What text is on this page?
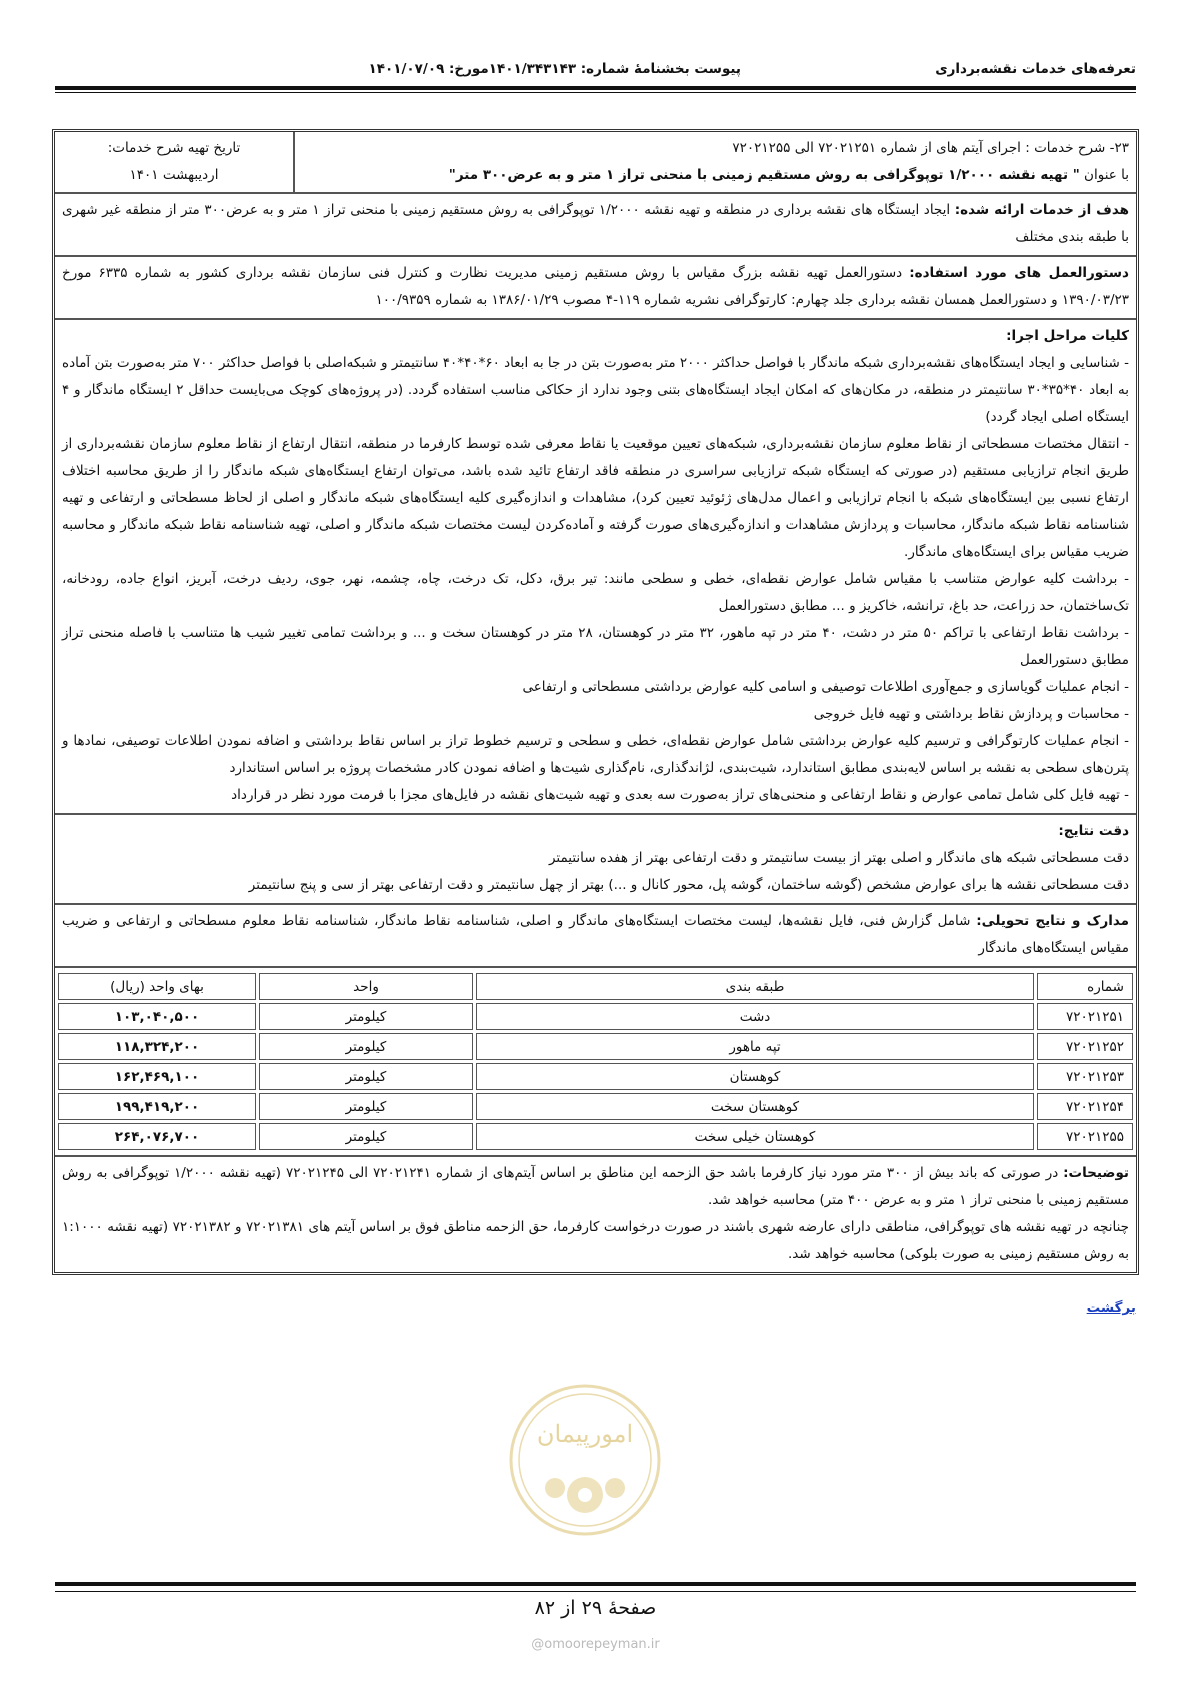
تعرفه‌های خدمات نقشه‌برداری
پیوست بخشنامهٔ شماره: ۱۴۰۱/۳۴۳۱۴۳مورخ: ۱۴۰۱/۰۷/۰۹
۲۳- شرح خدمات : اجرای آیتم های از شماره ۷۲۰۲۱۲۵۱ الی ۷۲۰۲۱۲۵۵
با عنوان " تهیه نقشه ۱/۲۰۰۰ توپوگرافی به روش مستقیم زمینی با منحنی تراز ۱ متر و به عرض۳۰۰ متر"
تاریخ تهیه شرح خدمات:
اردیبهشت ۱۴۰۱
هدف از خدمات ارائه شده: ایجاد ایستگاه های نقشه برداری در منطقه و تهیه نقشه ۱/۲۰۰۰ توپوگرافی به روش مستقیم زمینی با منحنی تراز ۱ متر و به عرض۳۰۰ متر از منطقه غیر شهری با طبقه بندی مختلف
دستورالعمل های مورد استفاده: دستورالعمل تهیه نقشه بزرگ مقیاس با روش مستقیم زمینی مدیریت نظارت و کنترل فنی سازمان نقشه برداری کشور به شماره ۶۳۳۵ مورخ ۱۳۹۰/۰۳/۲۳ و دستورالعمل همسان نقشه برداری جلد چهارم: کارتوگرافی نشریه شماره ۱۱۹-۴ مصوب ۱۳۸۶/۰۱/۲۹ به شماره ۱۰۰/۹۳۵۹
کلیات مراحل اجرا:
- شناسایی و ایجاد ایستگاه‌های نقشه‌برداری شبکه ماندگار با فواصل حداکثر ۲۰۰۰ متر به‌صورت بتن در جا به ابعاد ۶۰*۴۰*۴۰ سانتیمتر و شبکه‌اصلی با فواصل حداکثر ۷۰۰ متر به‌صورت بتن آماده به ابعاد ۴۰*۳۵*۳۰ سانتیمتر در منطقه، در مکان‌های که امکان ایجاد ایستگاه‌های بتنی وجود ندارد از حکاکی مناسب استفاده گردد. (در پروژه‌های کوچک می‌بایست حداقل ۲ ایستگاه ماندگار و ۴ ایستگاه اصلی ایجاد گردد)
- انتقال مختصات مسطحاتی از نقاط معلوم سازمان نقشه‌برداری، شبکه‌های تعیین موقعیت یا نقاط معرفی شده توسط کارفرما در منطقه، انتقال ارتفاع از نقاط معلوم سازمان نقشه‌برداری از طریق انجام ترازیابی مستقیم (در صورتی که ایستگاه شبکه ترازیابی سراسری در منطقه فاقد ارتفاع تائید شده باشد، می‌توان ارتفاع ایستگاه‌های شبکه ماندگار را از طریق محاسبه اختلاف ارتفاع نسبی بین ایستگاه‌های شبکه با انجام ترازیابی و اعمال مدل‌های ژئوئید تعیین کرد)، مشاهدات و اندازه‌گیری کلیه ایستگاه‌های شبکه ماندگار و اصلی از لحاظ مسطحاتی و ارتفاعی و تهیه شناسنامه نقاط شبکه ماندگار، محاسبات و پردازش مشاهدات و اندازه‌گیری‌های صورت گرفته و آماده‌کردن لیست مختصات شبکه ماندگار و اصلی، تهیه شناسنامه نقاط شبکه ماندگار و محاسبه ضریب مقیاس برای ایستگاه‌های ماندگار.
- برداشت کلیه عوارض متناسب با مقیاس شامل عوارض نقطه‌ای، خطی و سطحی مانند: تیر برق، دکل، تک درخت، چاه، چشمه، نهر، جوی، ردیف درخت، آبریز، انواع جاده، رودخانه، تک‌ساختمان، حد زراعت، حد باغ، ترانشه، خاکریز و ... مطابق دستورالعمل
- برداشت نقاط ارتفاعی با تراکم ۵۰ متر در دشت، ۴۰ متر در تپه ماهور، ۳۲ متر در کوهستان، ۲۸ متر در کوهستان سخت و ... و برداشت تمامی تغییر شیب ها متناسب با فاصله منحنی تراز مطابق دستورالعمل
- انجام عملیات گویاسازی و جمع‌آوری اطلاعات توصیفی و اسامی کلیه عوارض برداشتی مسطحاتی و ارتفاعی
- محاسبات و پردازش نقاط برداشتی و تهیه فایل خروجی
- انجام عملیات کارتوگرافی و ترسیم کلیه عوارض برداشتی شامل عوارض نقطه‌ای، خطی و سطحی و ترسیم خطوط تراز بر اساس نقاط برداشتی و اضافه نمودن اطلاعات توصیفی، نمادها و پترن‌های سطحی به نقشه بر اساس لایه‌بندی مطابق استاندارد، شیت‌بندی، لژاندگذاری، نام‌گذاری شیت‌ها و اضافه نمودن کادر مشخصات پروژه بر اساس استاندارد
- تهیه فایل کلی شامل تمامی عوارض و نقاط ارتفاعی و منحنی‌های تراز به‌صورت سه بعدی و تهیه شیت‌های نقشه در فایل‌های مجزا با فرمت مورد نظر در قرارداد
دقت نتایج:
دقت مسطحاتی شبکه های ماندگار و اصلی بهتر از بیست سانتیمتر و دقت ارتفاعی بهتر از هفده سانتیمتر
دقت مسطحاتی نقشه ها برای عوارض مشخص (گوشه ساختمان، گوشه پل، محور کانال و ...) بهتر از چهل سانتیمتر و دقت ارتفاعی بهتر از سی و پنج سانتیمتر
مدارک و نتایج تحویلی: شامل گزارش فنی، فایل نقشه‌ها، لیست مختصات ایستگاه‌های ماندگار و اصلی، شناسنامه نقاط ماندگار، شناسنامه نقاط معلوم مسطحاتی و ارتفاعی و ضریب مقیاس ایستگاه‌های ماندگار
شماره	طبقه بندی	واحد	بهای واحد (ریال)
۷۲۰۲۱۲۵۱	دشت	کیلومتر	۱۰۳,۰۴۰,۵۰۰
۷۲۰۲۱۲۵۲	تپه ماهور	کیلومتر	۱۱۸,۳۲۴,۲۰۰
۷۲۰۲۱۲۵۳	کوهستان	کیلومتر	۱۶۲,۴۶۹,۱۰۰
۷۲۰۲۱۲۵۴	کوهستان سخت	کیلومتر	۱۹۹,۴۱۹,۲۰۰
۷۲۰۲۱۲۵۵	کوهستان خیلی سخت	کیلومتر	۲۶۴,۰۷۶,۷۰۰
توضیحات: در صورتی که باند بیش از ۳۰۰ متر مورد نیاز کارفرما باشد حق الزحمه این مناطق بر اساس آیتم‌های از شماره ۷۲۰۲۱۲۴۱ الی ۷۲۰۲۱۲۴۵ (تهیه نقشه ۱/۲۰۰۰ توپوگرافی به روش مستقیم زمینی با منحنی تراز ۱ متر و به عرض ۴۰۰ متر) محاسبه خواهد شد.
چنانچه در تهیه نقشه های توپوگرافی، مناطقی دارای عارضه شهری باشند در صورت درخواست کارفرما، حق الزحمه مناطق فوق بر اساس آیتم های ۷۲۰۲۱۳۸۱ و ۷۲۰۲۱۳۸۲ (تهیه نقشه ۱:۱۰۰۰ به روش مستقیم زمینی به صورت بلوکی) محاسبه خواهد شد.
برگشت
امورپیمان
صفحۀ ۲۹ از ۸۲
@omoorepeyman.ir
